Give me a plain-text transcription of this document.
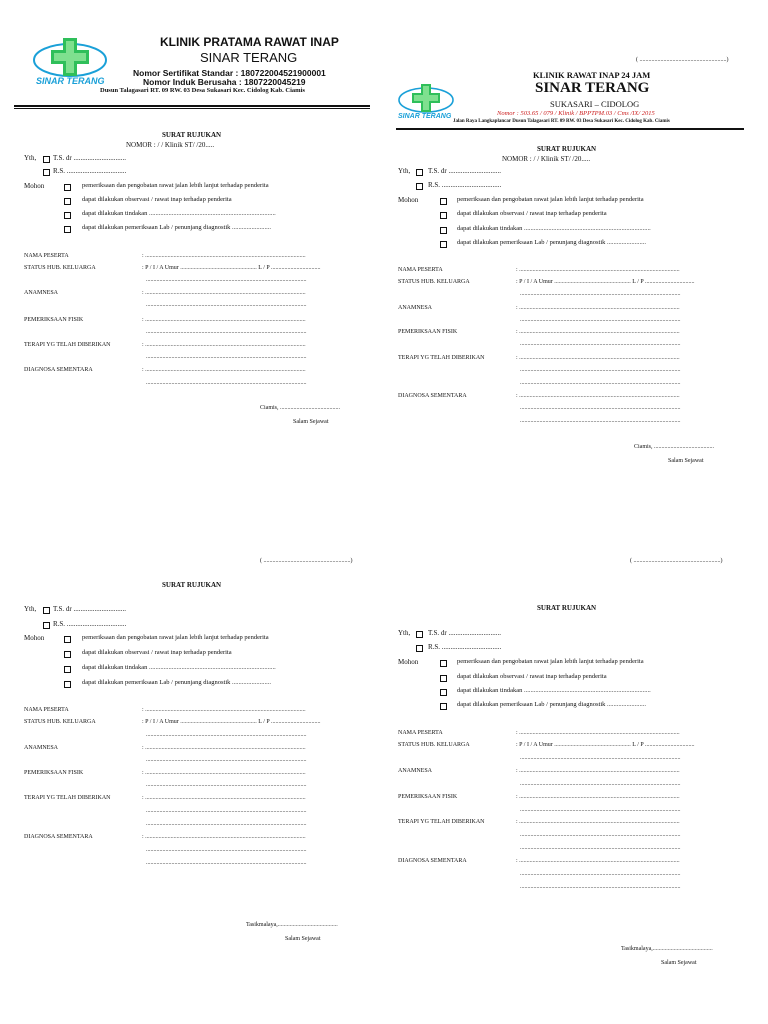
SINAR TERANG
KLINIK PRATAMA RAWAT INAP
SINAR TERANG
Nomor Sertifikat Standar : 180722004521900001
Nomor Induk Berusaha : 1807220045219
Dusun Talagasari RT. 09 RW. 03 Desa Sukasari Kec. Cidolog Kab. Ciamis
SURAT RUJUKAN
NOMOR : / / Klinik ST/ /20.....
Yth, T.S. dr ..............................
R.S. ..................................
Mohon	pemeriksaan dan pengobatan rawat jalan lebih lanjut terhadap penderita
dapat dilakukan observasi / rawat inap terhadap penderita
dapat dilakukan tindakan ..............................................................................
dapat dilakukan pemeriksaan Lab / penunjang diagnostik ........................
NAMA PESERTA	: ...........................................................................................................
STATUS HUB. KELUARGA	: P / I / A Umur ................................................... L / P .................................
...........................................................................................................
ANAMNESA	: ...........................................................................................................
...........................................................................................................
PEMERIKSAAN FISIK	: ...........................................................................................................
...........................................................................................................
TERAPI YG TELAH DIBERIKAN	: ...........................................................................................................
...........................................................................................................
DIAGNOSA SEMENTARA	: ...........................................................................................................
...........................................................................................................
Ciamis, ........................................
Salam Sejawat
( ..........................................................)
SINAR TERANG
KLINIK RAWAT INAP 24 JAM
SINAR TERANG
SUKASARI – CIDOLOG
Nomor : 503.65 / 079 / Klinik / BPPTPM.03 / Cms /IX/ 2015
Jalan Raya Langkaplancar Dusun Talagasari RT. 09 RW. 03 Desa Sukasari Kec. Cidolog Kab. Ciamis
SURAT RUJUKAN
NOMOR : / / Klinik ST/ /20.....
Yth,	T.S. dr ..............................
R.S. ..................................
Mohon	pemeriksaan dan pengobatan rawat jalan lebih lanjut terhadap penderita
dapat dilakukan observasi / rawat inap terhadap penderita
dapat dilakukan tindakan ..............................................................................
dapat dilakukan pemeriksaan Lab / penunjang diagnostik ........................
NAMA PESERTA	: ...........................................................................................................
STATUS HUB. KELUARGA	: P / I / A Umur ................................................... L / P .................................
...........................................................................................................
ANAMNESA	: ...........................................................................................................
...........................................................................................................
PEMERIKSAAN FISIK	: ...........................................................................................................
...........................................................................................................
TERAPI YG TELAH DIBERIKAN	: ...........................................................................................................
...........................................................................................................
...........................................................................................................
DIAGNOSA SEMENTARA	: ...........................................................................................................
...........................................................................................................
...........................................................................................................
Ciamis, ........................................
Salam Sejawat
( ..........................................................)
SURAT RUJUKAN
Yth, T.S. dr ..............................
R.S. ..................................
Mohon	pemeriksaan dan pengobatan rawat jalan lebih lanjut terhadap penderita
dapat dilakukan observasi / rawat inap terhadap penderita
dapat dilakukan tindakan ..............................................................................
dapat dilakukan pemeriksaan Lab / penunjang diagnostik ........................
NAMA PESERTA	: ...........................................................................................................
STATUS HUB. KELUARGA	: P / I / A Umur ................................................... L / P .................................
...........................................................................................................
ANAMNESA	: ...........................................................................................................
...........................................................................................................
PEMERIKSAAN FISIK	: ...........................................................................................................
...........................................................................................................
TERAPI YG TELAH DIBERIKAN	: ...........................................................................................................
...........................................................................................................
...........................................................................................................
DIAGNOSA SEMENTARA	: ...........................................................................................................
...........................................................................................................
...........................................................................................................
Tasikmalaya,........................................
Salam Sejawat
( ..........................................................)
SURAT RUJUKAN
Yth,	T.S. dr ..............................
R.S. ..................................
Mohon	pemeriksaan dan pengobatan rawat jalan lebih lanjut terhadap penderita
dapat dilakukan observasi / rawat inap terhadap penderita
dapat dilakukan tindakan ..............................................................................
dapat dilakukan pemeriksaan Lab / penunjang diagnostik ........................
NAMA PESERTA	: ...........................................................................................................
STATUS HUB. KELUARGA	: P / I / A Umur ................................................... L / P .................................
...........................................................................................................
ANAMNESA	: ...........................................................................................................
...........................................................................................................
PEMERIKSAAN FISIK	: ...........................................................................................................
...........................................................................................................
TERAPI YG TELAH DIBERIKAN	: ...........................................................................................................
...........................................................................................................
...........................................................................................................
DIAGNOSA SEMENTARA	: ...........................................................................................................
...........................................................................................................
...........................................................................................................
Tasikmalaya,........................................
Salam Sejawat
